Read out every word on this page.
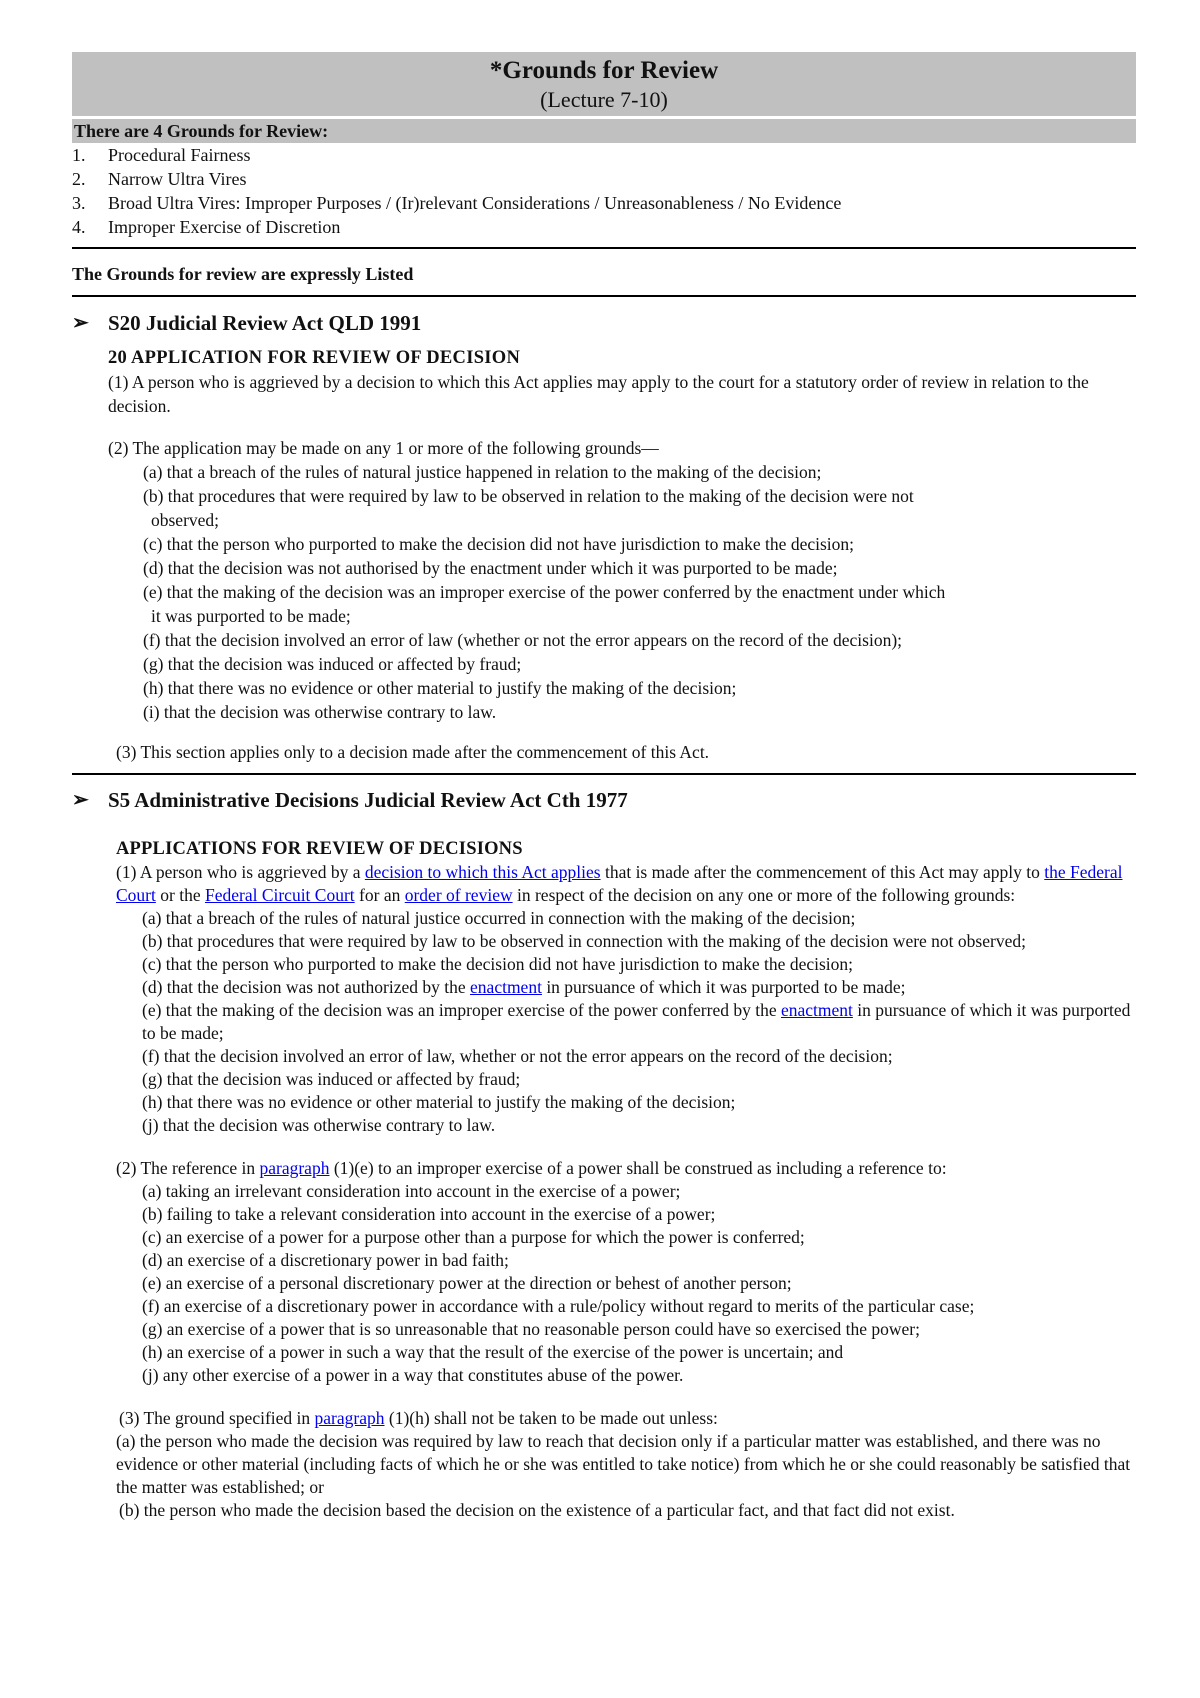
*Grounds for Review
(Lecture 7-10)
There are 4 Grounds for Review:
1.	Procedural Fairness
2.	Narrow Ultra Vires
3.	Broad Ultra Vires: Improper Purposes / (Ir)relevant Considerations / Unreasonableness / No Evidence
4.	Improper Exercise of Discretion
The Grounds for review are expressly Listed
➢ S20 Judicial Review Act QLD 1991
20 APPLICATION FOR REVIEW OF DECISION

(1) A person who is aggrieved by a decision to which this Act applies may apply to the court for a statutory order of review in relation to the decision.

(2) The application may be made on any 1 or more of the following grounds—

(a) that a breach of the rules of natural justice happened in relation to the making of the decision;

(b) that procedures that were required by law to be observed in relation to the making of the decision were not
observed;

(c) that the person who purported to make the decision did not have jurisdiction to make the decision;

(d) that the decision was not authorised by the enactment under which it was purported to be made;

(e) that the making of the decision was an improper exercise of the power conferred by the enactment under which
it was purported to be made;

(f) that the decision involved an error of law (whether or not the error appears on the record of the decision);

(g) that the decision was induced or affected by fraud;

(h) that there was no evidence or other material to justify the making of the decision;

(i) that the decision was otherwise contrary to law.

(3) This section applies only to a decision made after the commencement of this Act.

➢ S5 Administrative Decisions Judicial Review Act Cth 1977
APPLICATIONS FOR REVIEW OF DECISIONS

(1) A person who is aggrieved by a decision to which this Act applies that is made after the commencement of this Act may apply to the Federal Court or the Federal Circuit Court for an order of review in respect of the decision on any one or more of the following grounds:

(a) that a breach of the rules of natural justice occurred in connection with the making of the decision;

(b) that procedures that were required by law to be observed in connection with the making of the decision were not observed;

(c) that the person who purported to make the decision did not have jurisdiction to make the decision;

(d) that the decision was not authorized by the enactment in pursuance of which it was purported to be made;

(e) that the making of the decision was an improper exercise of the power conferred by the enactment in pursuance of which it was purported to be made;

(f) that the decision involved an error of law, whether or not the error appears on the record of the decision;

(g) that the decision was induced or affected by fraud;

(h) that there was no evidence or other material to justify the making of the decision;

(j) that the decision was otherwise contrary to law.

(2) The reference in paragraph (1)(e) to an improper exercise of a power shall be construed as including a reference to:

(a) taking an irrelevant consideration into account in the exercise of a power;

(b) failing to take a relevant consideration into account in the exercise of a power;

(c) an exercise of a power for a purpose other than a purpose for which the power is conferred;

(d) an exercise of a discretionary power in bad faith;

(e) an exercise of a personal discretionary power at the direction or behest of another person;

(f) an exercise of a discretionary power in accordance with a rule/policy without regard to merits of the particular case;

(g) an exercise of a power that is so unreasonable that no reasonable person could have so exercised the power;

(h) an exercise of a power in such a way that the result of the exercise of the power is uncertain; and

(j) any other exercise of a power in a way that constitutes abuse of the power.

(3) The ground specified in paragraph (1)(h) shall not be taken to be made out unless:

(a) the person who made the decision was required by law to reach that decision only if a particular matter was established, and there was no evidence or other material (including facts of which he or she was entitled to take notice) from which he or she could reasonably be satisfied that the matter was established; or

(b) the person who made the decision based the decision on the existence of a particular fact, and that fact did not exist.
